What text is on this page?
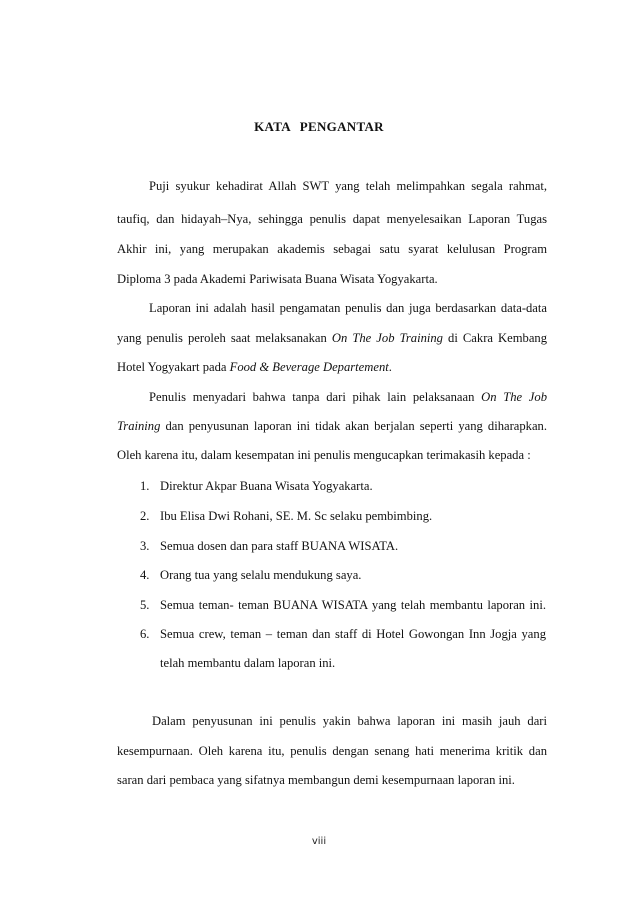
KATA PENGANTAR
Puji syukur kehadirat Allah SWT yang telah melimpahkan segala rahmat,
taufiq, dan hidayah–Nya, sehingga penulis dapat menyelesaikan Laporan Tugas
Akhir ini, yang merupakan akademis sebagai satu syarat kelulusan Program
Diploma 3 pada Akademi Pariwisata Buana Wisata Yogyakarta.
Laporan ini adalah hasil pengamatan penulis dan juga berdasarkan data-data
yang penulis peroleh saat melaksanakan On The Job Training di Cakra Kembang
Hotel Yogyakart pada Food & Beverage Departement.
Penulis menyadari bahwa tanpa dari pihak lain pelaksanaan On The Job
Training dan penyusunan laporan ini tidak akan berjalan seperti yang diharapkan.
Oleh karena itu, dalam kesempatan ini penulis mengucapkan terimakasih kepada :
1. Direktur Akpar Buana Wisata Yogyakarta.
2. Ibu Elisa Dwi Rohani, SE. M. Sc selaku pembimbing.
3. Semua dosen dan para staff BUANA WISATA.
4. Orang tua yang selalu mendukung saya.
5. Semua teman- teman BUANA WISATA yang telah membantu laporan ini.
6. Semua crew, teman – teman dan staff di Hotel Gowongan Inn Jogja yang
telah membantu dalam laporan ini.
Dalam penyusunan ini penulis yakin bahwa laporan ini masih jauh dari
kesempurnaan. Oleh karena itu, penulis dengan senang hati menerima kritik dan
saran dari pembaca yang sifatnya membangun demi kesempurnaan laporan ini.
viii
